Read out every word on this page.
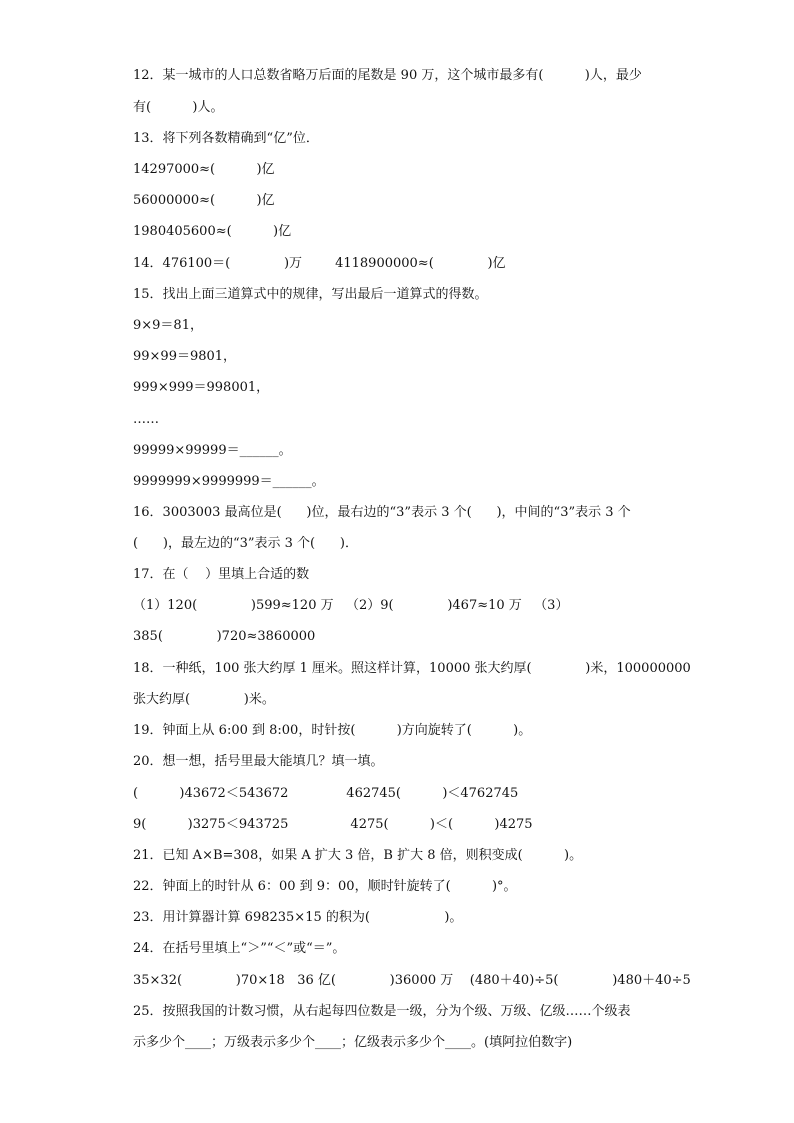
12．某一城市的人口总数省略万后面的尾数是 90 万，这个城市最多有(          )人，最少
有(          )人。
13．将下列各数精确到“亿”位．
14297000≈(          )亿
56000000≈(          )亿
1980405600≈(          )亿
14．476100＝(             )万        4118900000≈(             )亿
15．找出上面三道算式中的规律，写出最后一道算式的得数。
9×9＝81，
99×99＝9801，
999×999＝998001，
……
99999×99999＝______。
9999999×9999999＝______。
16．3003003 最高位是(      )位，最右边的“3”表示 3 个(      )，中间的“3”表示 3 个
(      )，最左边的“3”表示 3 个(      )．
17．在（    ）里填上合适的数
（1）120(             )599≈120 万   （2）9(             )467≈10 万   （3）
385(             )720≈3860000
18．一种纸，100 张大约厚 1 厘米。照这样计算，10000 张大约厚(             )米，100000000
张大约厚(             )米。
19．钟面上从 6:00 到 8:00，时针按(          )方向旋转了(          )。
20．想一想，括号里最大能填几？填一填。
(          )43672＜543672              462745(          )＜4762745
9(          )3275＜943725               4275(          )＜(          )4275
21．已知 A×B=308，如果 A 扩大 3 倍，B 扩大 8 倍，则积变成(          )。
22．钟面上的时针从 6：00 到 9：00，顺时针旋转了(          )°。
23．用计算器计算 698235×15 的积为(                  )。
24．在括号里填上“＞”“＜”或“＝”。
35×32(             )70×18   36 亿(             )36000 万    (480＋40)÷5(             )480＋40÷5
25．按照我国的计数习惯，从右起每四位数是一级，分为个级、万级、亿级……个级表
示多少个____；万级表示多少个____；亿级表示多少个____。(填阿拉伯数字)
